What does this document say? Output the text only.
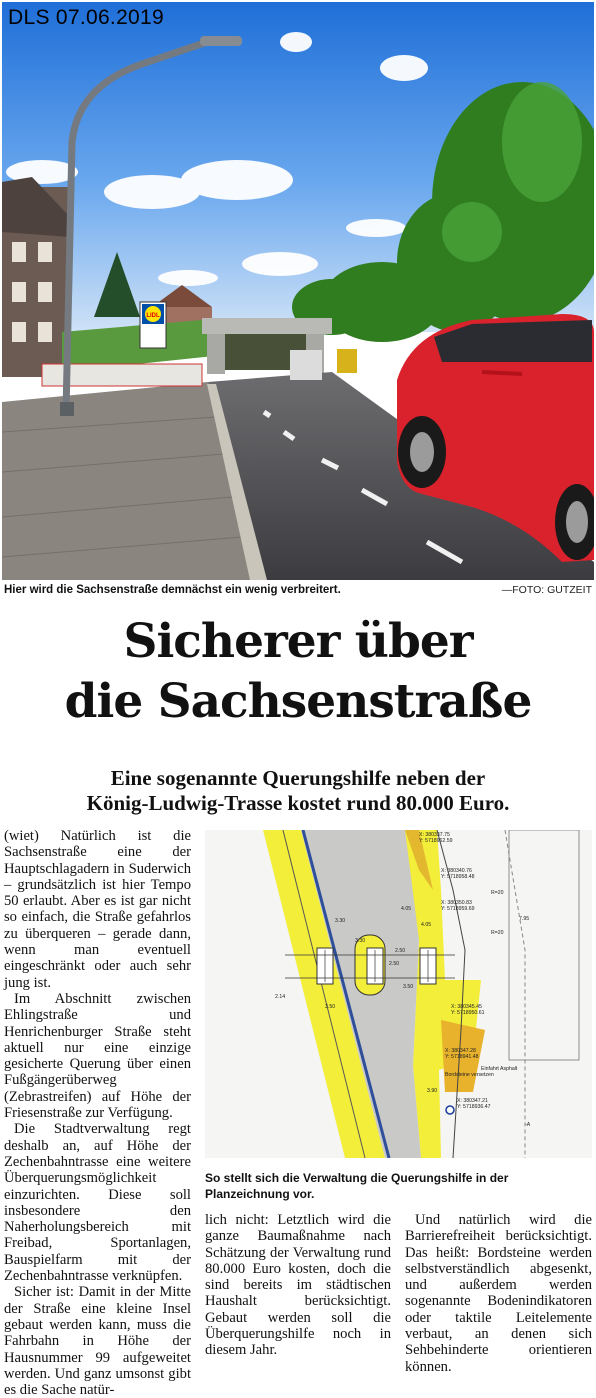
LIDL
DLS 07.06.2019
Hier wird die Sachsenstraße demnächst ein wenig verbreitert.	—FOTO: GUTZEIT
Sicherer über
die Sachsenstraße
Eine sogenannte Querungshilfe neben der
König-Ludwig-Trasse kostet rund 80.000 Euro.

(wiet) Natürlich ist die Sachsenstraße eine der Hauptschlagadern in Suderwich – grundsätzlich ist hier Tempo 50 erlaubt. Aber es ist gar nicht so einfach, die Straße gefahrlos zu überqueren – gerade dann, wenn man eventuell eingeschränkt oder auch sehr jung ist.

Im Abschnitt zwischen Ehlingstraße und Henrichenburger Straße steht aktuell nur eine einzige gesicherte Querung über einen Fußgängerüberweg (Zebrastreifen) auf Höhe der Friesenstraße zur Verfügung.

Die Stadtverwaltung regt deshalb an, auf Höhe der Zechenbahntrasse eine weitere Überquerungsmöglichkeit einzurichten. Diese soll insbesondere den Naherholungsbereich mit Freibad, Sportanlagen, Bauspielfarm mit der Zechenbahntrasse verknüpfen.

Sicher ist: Damit in der Mitte der Straße eine kleine Insel gebaut werden kann, muss die Fahrbahn in Höhe der Hausnummer 99 aufgeweitet werden. Und ganz umsonst gibt es die Sache natür-

X: 380337.75
Y: 5718962.59
X: 380340.76
Y: 5718958.48
X: 380350.83
Y: 5718959.69
R=20
R=20
X: 380345.45
Y: 5718950.61
X: 380347.28
Y: 5718941.48
X: 380347.21
Y: 5718936.47
Bordsteine versetzen
Einfahrt Asphalt
3.30
3.30
2.50
2.50
4.05
4.05
2.14
3.50
3.50
3.90
7.95
-A
So stellt sich die Verwaltung die Querungshilfe in der Planzeichnung vor.

lich nicht: Letztlich wird die ganze Baumaßnahme nach Schätzung der Verwaltung rund 80.000 Euro kosten, doch die sind bereits im städtischen Haushalt berücksichtigt. Gebaut werden soll die Überquerungshilfe noch in diesem Jahr.

Und natürlich wird die Barrierefreiheit berücksichtigt. Das heißt: Bordsteine werden selbstverständlich abgesenkt, und außerdem werden sogenannte Bodenindikatoren oder taktile Leitelemente verbaut, an denen sich Sehbehinderte orientieren können.
